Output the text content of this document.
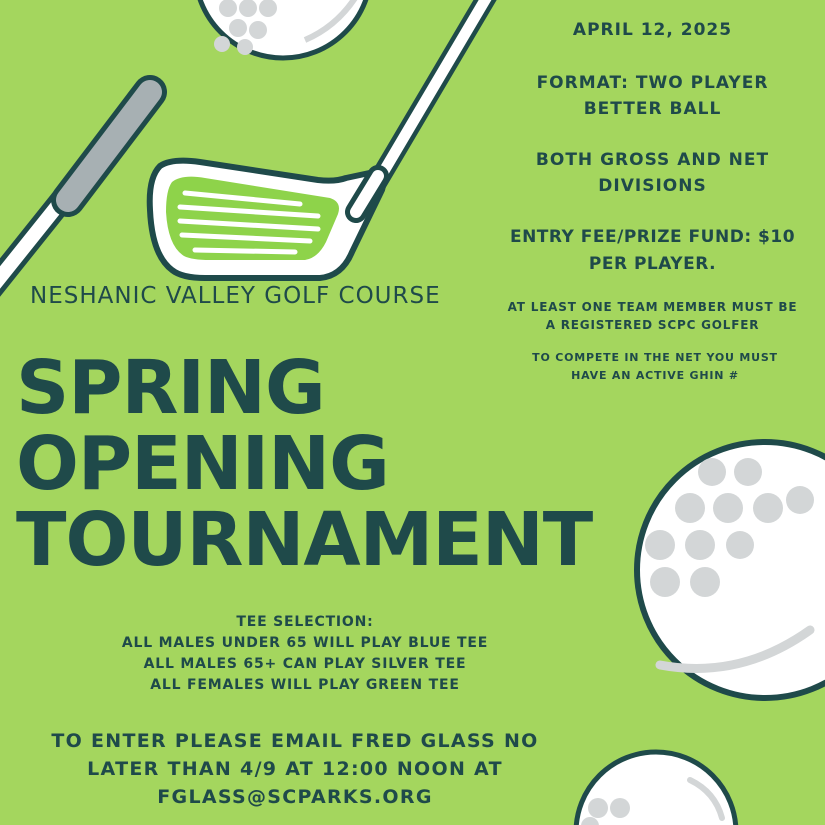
APRIL 12, 2025
FORMAT: TWO PLAYER BETTER BALL
BOTH GROSS AND NET DIVISIONS
ENTRY FEE/PRIZE FUND: $10 PER PLAYER.
AT LEAST ONE TEAM MEMBER MUST BE A REGISTERED SCPC GOLFER
TO COMPETE IN THE NET YOU MUST HAVE AN ACTIVE GHIN #
NESHANIC VALLEY GOLF COURSE
SPRING
OPENING
TOURNAMENT
TEE SELECTION:
ALL MALES UNDER 65 WILL PLAY BLUE TEE
ALL MALES 65+ CAN PLAY SILVER TEE
ALL FEMALES WILL PLAY GREEN TEE
TO ENTER PLEASE EMAIL FRED GLASS NO LATER THAN 4/9 AT 12:00 NOON AT FGLASS@SCPARKS.ORG
